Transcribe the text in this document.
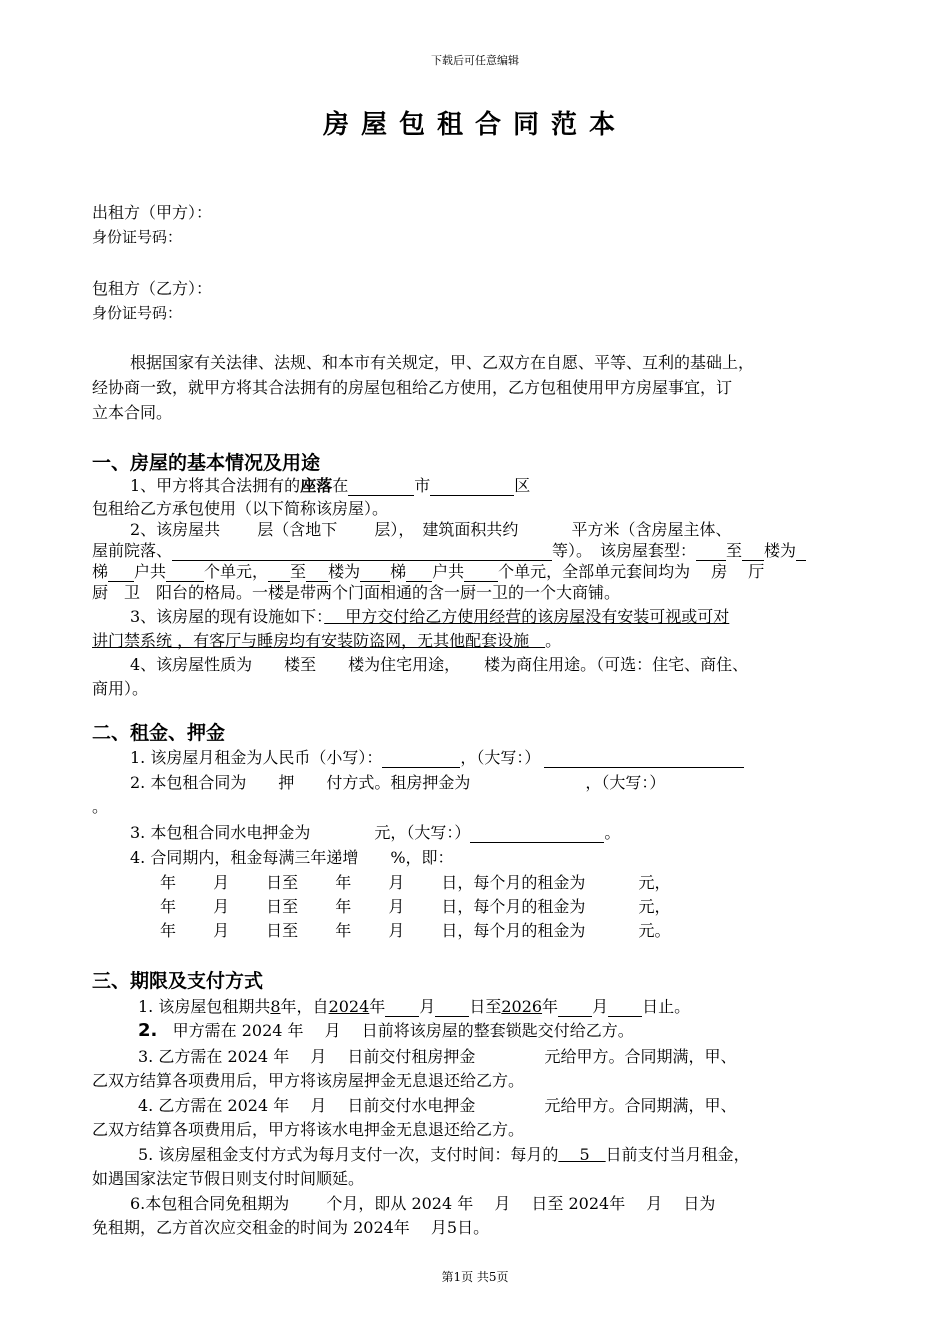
下载后可任意编辑
房屋包租合同范本
出租方（甲方）：
身份证号码：
包租方（乙方）：
身份证号码：
根据国家有关法律、法规、和本市有关规定，甲、乙双方在自愿、平等、互利的基础上，
经协商一致，就甲方将其合法拥有的房屋包租给乙方使用，乙方包租使用甲方房屋事宜，订
立本合同。
一、房屋的基本情况及用途
1、甲方将其合法拥有的座落在	市	区
包租给乙方承包使用（以下简称该房屋）。
2、该房屋共　　 层（含地下　　 层），　建筑面积共约　　　 平方米（含房屋主体、
屋前院落、	等）。　该房屋套型： 至 楼为
梯 户共 个单元， 至 楼为 梯 户共 个单元，全部单元套间均为　 房　 厅
厨　卫　阳台的格局。一楼是带两个门面相通的含一厨一卫的一个大商铺。
3、该房屋的现有设施如下：　 甲方交付给乙方使用经营的该房屋没有安装可视或可对
讲门禁系统 ，有客厅与睡房均有安装防盗网，无其他配套设施　。
4、该房屋性质为　　楼至　　楼为住宅用途，　　楼为商住用途。（可选：住宅、商住、
商用）。
二、租金、押金
1. 该房屋月租金为人民币（小写）：	，（大写：）
2. 本包租合同为　　押　　付方式。租房押金为	，（大写：）
。
3. 本包租合同水电押金为　　　　元，（大写：）	。
4. 合同期内，租金每满三年递增　　%，即：
年　　 月　　 日至　　 年　　 月　　 日，每个月的租金为　　　 元，
年　　 月　　 日至　　 年　　 月　　 日，每个月的租金为　　　 元，
年　　 月　　 日至　　 年　　 月　　 日，每个月的租金为　　　 元。
三、期限及支付方式
1. 该房屋包租期共8年，自2024年 月 日至2026年 月 日止。
2. 甲方需在 2024 年　 月　 日前将该房屋的整套锁匙交付给乙方。
3. 乙方需在 2024 年　 月　 日前交付租房押金　　　　 元给甲方。合同期满，甲、
乙双方结算各项费用后，甲方将该房屋押金无息退还给乙方。
4. 乙方需在 2024 年　 月　 日前交付水电押金　　　　 元给甲方。合同期满，甲、
乙双方结算各项费用后，甲方将该水电押金无息退还给乙方。
5. 该房屋租金支付方式为每月支付一次，支付时间：每月的　 5　日前支付当月租金，
如遇国家法定节假日则支付时间顺延。
6.本包租合同免租期为　　 个月，即从 2024 年　 月　 日至 2024年　 月　 日为
免租期，乙方首次应交租金的时间为 2024年　 月5日。
第1页 共5页
